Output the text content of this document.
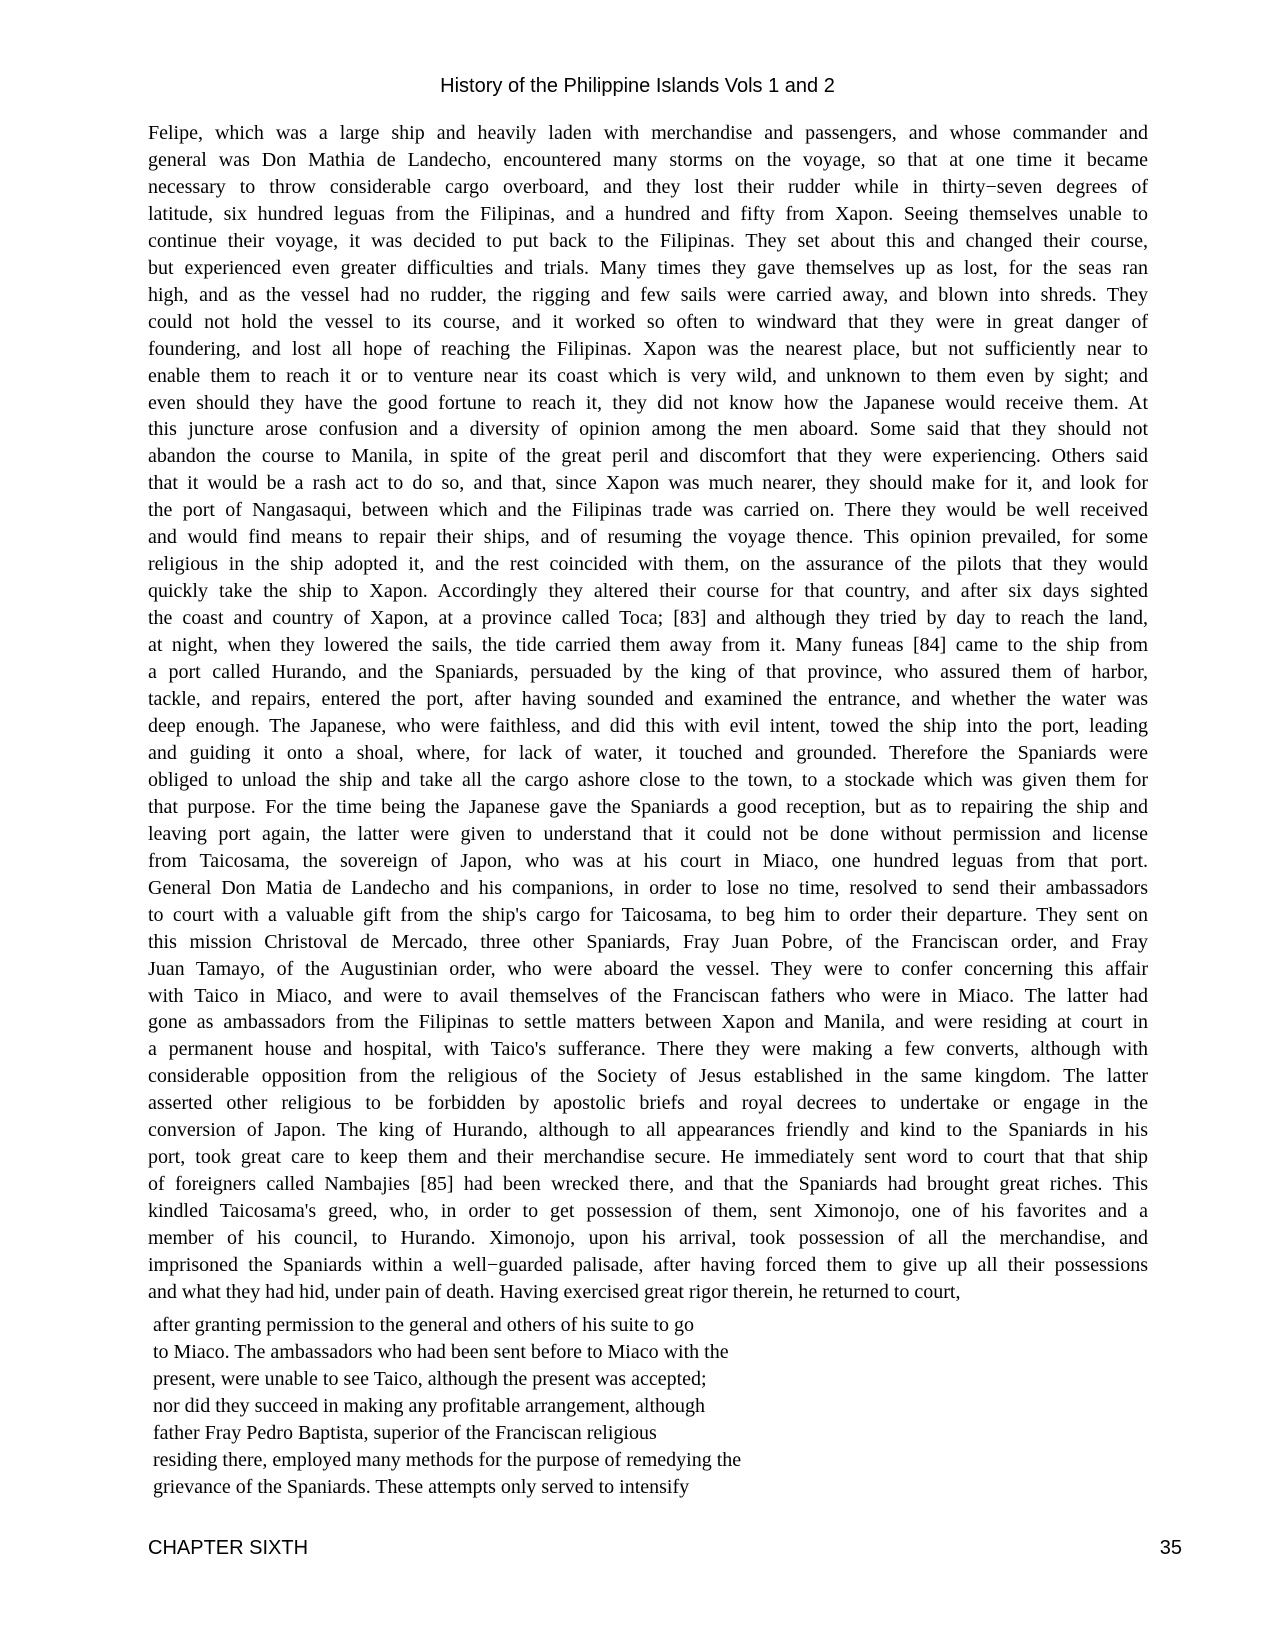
History of the Philippine Islands Vols 1 and 2
Felipe, which was a large ship and heavily laden with merchandise and passengers, and whose commander and
general was Don Mathia de Landecho, encountered many storms on the voyage, so that at one time it became
necessary to throw considerable cargo overboard, and they lost their rudder while in thirty−seven degrees of
latitude, six hundred leguas from the Filipinas, and a hundred and fifty from Xapon. Seeing themselves unable to
continue their voyage, it was decided to put back to the Filipinas. They set about this and changed their course,
but experienced even greater difficulties and trials. Many times they gave themselves up as lost, for the seas ran
high, and as the vessel had no rudder, the rigging and few sails were carried away, and blown into shreds. They
could not hold the vessel to its course, and it worked so often to windward that they were in great danger of
foundering, and lost all hope of reaching the Filipinas. Xapon was the nearest place, but not sufficiently near to
enable them to reach it or to venture near its coast which is very wild, and unknown to them even by sight; and
even should they have the good fortune to reach it, they did not know how the Japanese would receive them. At
this juncture arose confusion and a diversity of opinion among the men aboard. Some said that they should not
abandon the course to Manila, in spite of the great peril and discomfort that they were experiencing. Others said
that it would be a rash act to do so, and that, since Xapon was much nearer, they should make for it, and look for
the port of Nangasaqui, between which and the Filipinas trade was carried on. There they would be well received
and would find means to repair their ships, and of resuming the voyage thence. This opinion prevailed, for some
religious in the ship adopted it, and the rest coincided with them, on the assurance of the pilots that they would
quickly take the ship to Xapon. Accordingly they altered their course for that country, and after six days sighted
the coast and country of Xapon, at a province called Toca; [83] and although they tried by day to reach the land,
at night, when they lowered the sails, the tide carried them away from it. Many funeas [84] came to the ship from
a port called Hurando, and the Spaniards, persuaded by the king of that province, who assured them of harbor,
tackle, and repairs, entered the port, after having sounded and examined the entrance, and whether the water was
deep enough. The Japanese, who were faithless, and did this with evil intent, towed the ship into the port, leading
and guiding it onto a shoal, where, for lack of water, it touched and grounded. Therefore the Spaniards were
obliged to unload the ship and take all the cargo ashore close to the town, to a stockade which was given them for
that purpose. For the time being the Japanese gave the Spaniards a good reception, but as to repairing the ship and
leaving port again, the latter were given to understand that it could not be done without permission and license
from Taicosama, the sovereign of Japon, who was at his court in Miaco, one hundred leguas from that port.
General Don Matia de Landecho and his companions, in order to lose no time, resolved to send their ambassadors
to court with a valuable gift from the ship's cargo for Taicosama, to beg him to order their departure. They sent on
this mission Christoval de Mercado, three other Spaniards, Fray Juan Pobre, of the Franciscan order, and Fray
Juan Tamayo, of the Augustinian order, who were aboard the vessel. They were to confer concerning this affair
with Taico in Miaco, and were to avail themselves of the Franciscan fathers who were in Miaco. The latter had
gone as ambassadors from the Filipinas to settle matters between Xapon and Manila, and were residing at court in
a permanent house and hospital, with Taico's sufferance. There they were making a few converts, although with
considerable opposition from the religious of the Society of Jesus established in the same kingdom. The latter
asserted other religious to be forbidden by apostolic briefs and royal decrees to undertake or engage in the
conversion of Japon. The king of Hurando, although to all appearances friendly and kind to the Spaniards in his
port, took great care to keep them and their merchandise secure. He immediately sent word to court that that ship
of foreigners called Nambajies [85] had been wrecked there, and that the Spaniards had brought great riches. This
kindled Taicosama's greed, who, in order to get possession of them, sent Ximonojo, one of his favorites and a
member of his council, to Hurando. Ximonojo, upon his arrival, took possession of all the merchandise, and
imprisoned the Spaniards within a well−guarded palisade, after having forced them to give up all their possessions
and what they had hid, under pain of death. Having exercised great rigor therein, he returned to court,
after granting permission to the general and others of his suite to go
to Miaco. The ambassadors who had been sent before to Miaco with the
present, were unable to see Taico, although the present was accepted;
nor did they succeed in making any profitable arrangement, although
father Fray Pedro Baptista, superior of the Franciscan religious
residing there, employed many methods for the purpose of remedying the
grievance of the Spaniards. These attempts only served to intensify
CHAPTER SIXTH	35
